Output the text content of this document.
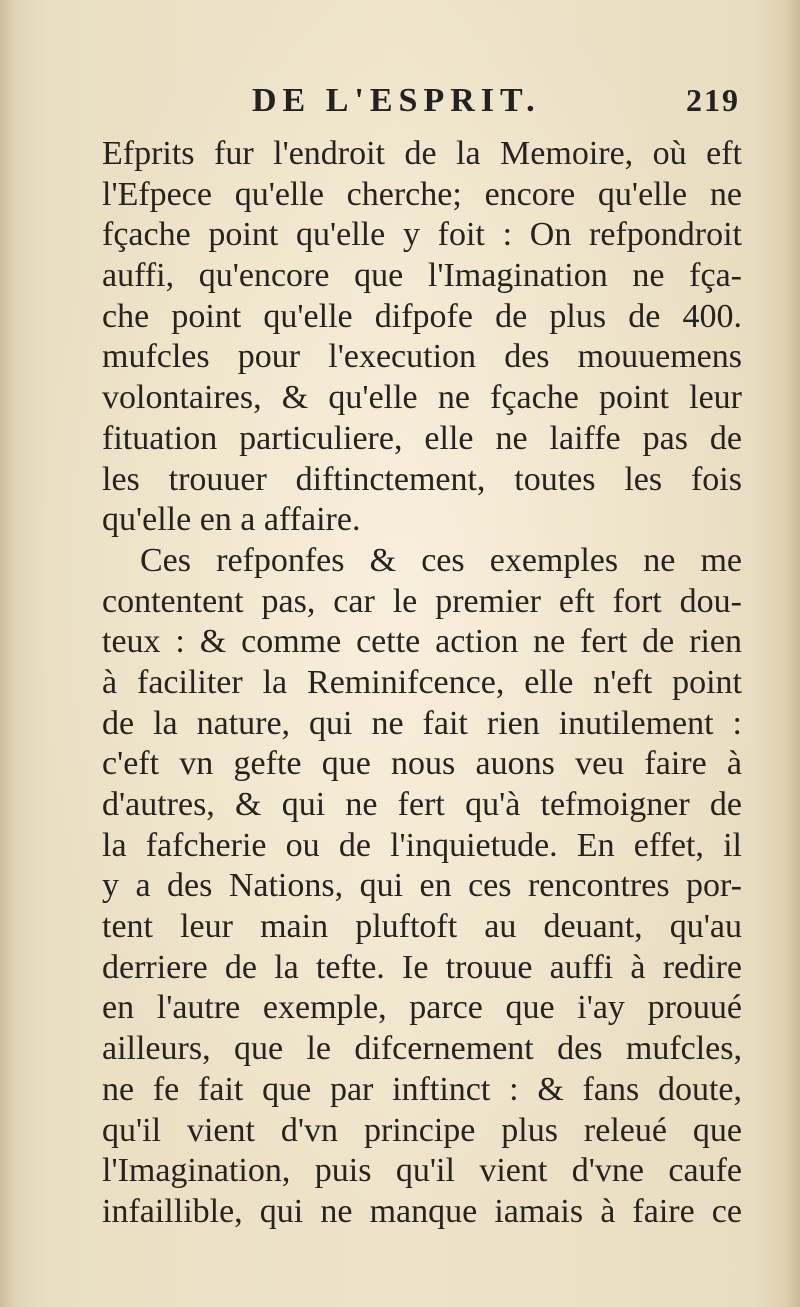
DE L'ESPRIT.	219
Efprits fur l'endroit de la Memoire, où eft
l'Efpece qu'elle cherche; encore qu'elle ne
fçache point qu'elle y foit : On refpondroit
auffi, qu'encore que l'Imagination ne fça-
che point qu'elle difpofe de plus de 400.
mufcles pour l'execution des mouuemens
volontaires, & qu'elle ne fçache point leur
fituation particuliere, elle ne laiffe pas de
les trouuer diftinctement, toutes les fois
qu'elle en a affaire.
Ces refponfes & ces exemples ne me
contentent pas, car le premier eft fort dou-
teux : & comme cette action ne fert de rien
à faciliter la Reminifcence, elle n'eft point
de la nature, qui ne fait rien inutilement :
c'eft vn gefte que nous auons veu faire à
d'autres, & qui ne fert qu'à tefmoigner de
la fafcherie ou de l'inquietude. En effet, il
y a des Nations, qui en ces rencontres por-
tent leur main pluftoft au deuant, qu'au
derriere de la tefte. Ie trouue auffi à redire
en l'autre exemple, parce que i'ay prouué
ailleurs, que le difcernement des mufcles,
ne fe fait que par inftinct : & fans doute,
qu'il vient d'vn principe plus releué que
l'Imagination, puis qu'il vient d'vne caufe
infaillible, qui ne manque iamais à faire ce
